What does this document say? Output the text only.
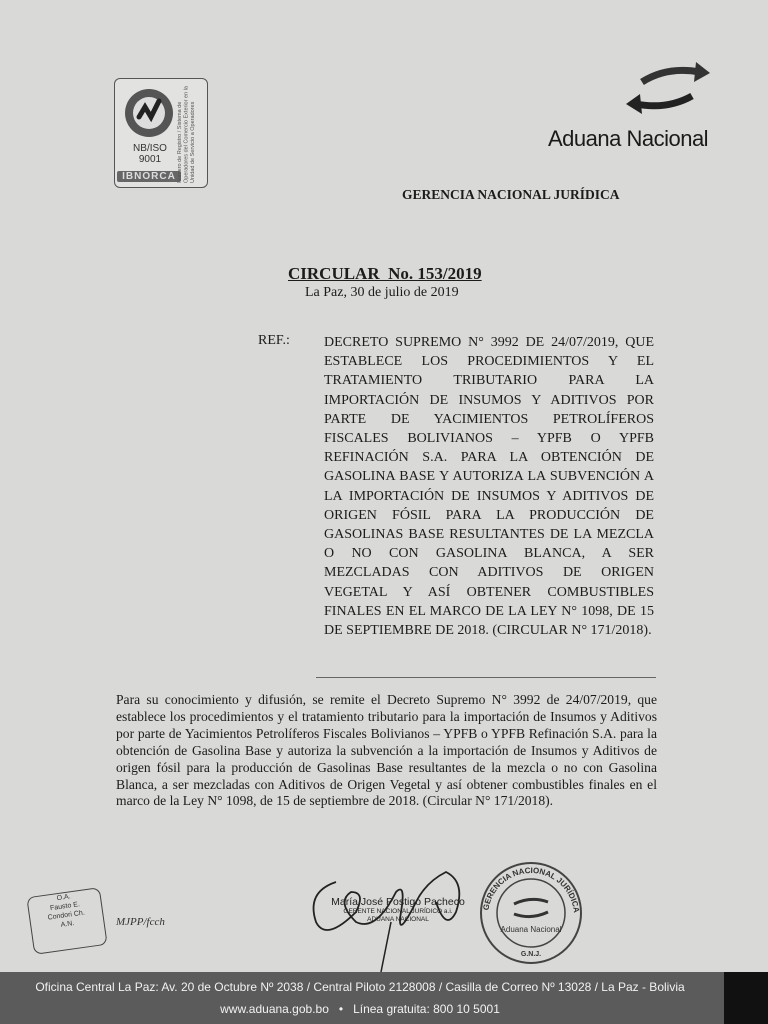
NB/ISO
9001
IBNORCA Número de Registro / Sistema de Operadores del Comercio Exterior en la Unidad de Servicio a Operadores	Aduana Nacional
GERENCIA NACIONAL JURÍDICA
CIRCULAR  No. 153/2019
La Paz, 30 de julio de 2019
REF.: DECRETO SUPREMO N° 3992 DE 24/07/2019, QUE ESTABLECE LOS PROCEDIMIENTOS Y EL TRATAMIENTO TRIBUTARIO PARA LA IMPORTACIÓN DE INSUMOS Y ADITIVOS POR PARTE DE YACIMIENTOS PETROLÍFEROS FISCALES BOLIVIANOS – YPFB O YPFB REFINACIÓN S.A. PARA LA OBTENCIÓN DE GASOLINA BASE Y AUTORIZA LA SUBVENCIÓN A LA IMPORTACIÓN DE INSUMOS Y ADITIVOS DE ORIGEN FÓSIL PARA LA PRODUCCIÓN DE GASOLINAS BASE RESULTANTES DE LA MEZCLA O NO CON GASOLINA BLANCA, A SER MEZCLADAS CON ADITIVOS DE ORIGEN VEGETAL Y ASÍ OBTENER COMBUSTIBLES FINALES EN EL MARCO DE LA LEY N° 1098, DE 15 DE SEPTIEMBRE DE 2018. (CIRCULAR N° 171/2018).
Para su conocimiento y difusión, se remite el Decreto Supremo N° 3992 de 24/07/2019, que establece los procedimientos y el tratamiento tributario para la importación de Insumos y Aditivos por parte de Yacimientos Petrolíferos Fiscales Bolivianos – YPFB o YPFB Refinación S.A. para la obtención de Gasolina Base y autoriza la subvención a la importación de Insumos y Aditivos de origen fósil para la producción de Gasolinas Base resultantes de la mezcla o no con Gasolina Blanca, a ser mezcladas con Aditivos de Origen Vegetal y así obtener combustibles finales en el marco de la Ley N° 1098, de 15 de septiembre de 2018. (Circular N° 171/2018).
O.A.
Fausto E.
Condori Ch.
A.N.	MJPP/fcch
María José Postigo Pacheco
GERENTE NACIONAL JURÍDICO a.i.
ADUANA NACIONAL
GERENCIA NACIONAL JURÍDICA
Aduana Nacional
G.N.J.
Oficina Central La Paz: Av. 20 de Octubre Nº 2038 / Central Piloto 2128008 / Casilla de Correo Nº 13028 / La Paz - Bolivia
www.aduana.gob.bo   •   Línea gratuita: 800 10 5001
